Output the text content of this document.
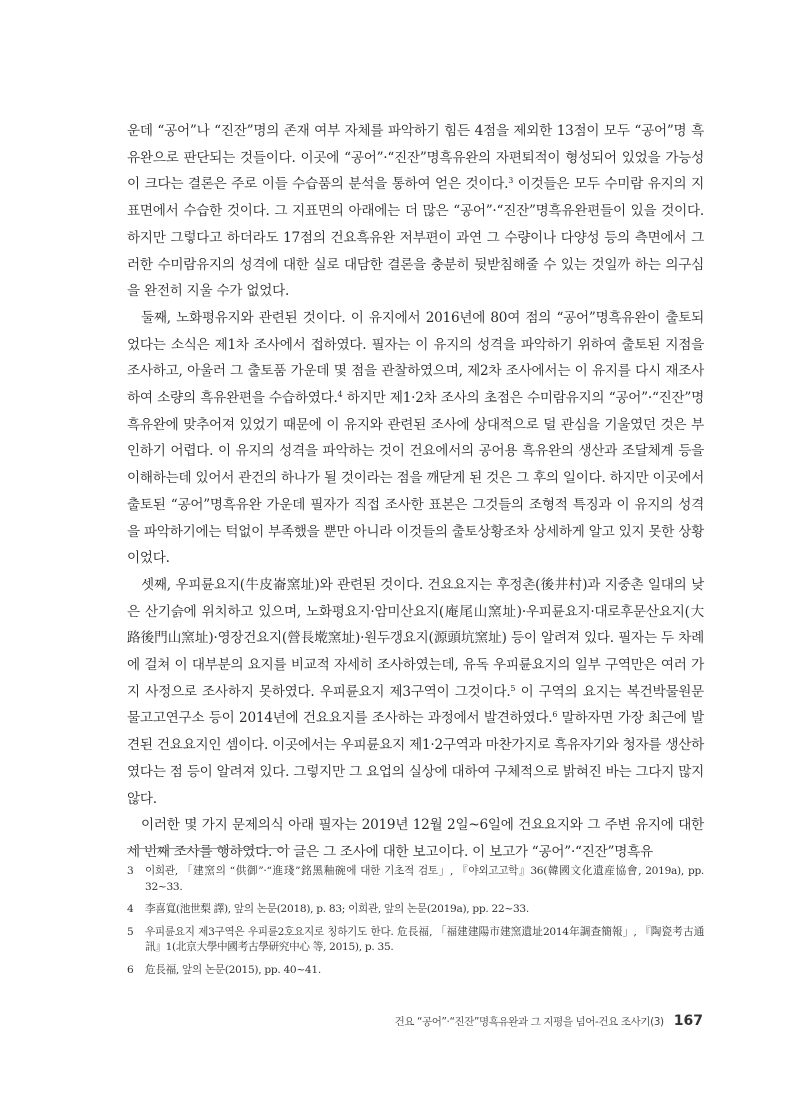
운데 “공어”나 “진잔”명의 존재 여부 자체를 파악하기 힘든 4점을 제외한 13점이 모두 “공어”명 흑유완으로 판단되는 것들이다. 이곳에 “공어”·“진잔”명흑유완의 자편퇴적이 형성되어 있었을 가능성이 크다는 결론은 주로 이들 수습품의 분석을 통하여 얻은 것이다.$^3$ 이것들은 모두 수미람 유지의 지표면에서 수습한 것이다. 그 지표면의 아래에는 더 많은 “공어”·“진잔”명흑유완편들이 있을 것이다. 하지만 그렇다고 하더라도 17점의 건요흑유완 저부편이 과연 그 수량이나 다양성 등의 측면에서 그러한 수미람유지의 성격에 대한 실로 대담한 결론을 충분히 뒷받침해줄 수 있는 것일까 하는 의구심을 완전히 지울 수가 없었다.

둘째, 노화평유지와 관련된 것이다. 이 유지에서 2016년에 80여 점의 “공어”명흑유완이 출토되었다는 소식은 제1차 조사에서 접하였다. 필자는 이 유지의 성격을 파악하기 위하여 출토된 지점을 조사하고, 아울러 그 출토품 가운데 몇 점을 관찰하였으며, 제2차 조사에서는 이 유지를 다시 재조사하여 소량의 흑유완편을 수습하였다.$^4$ 하지만 제1·2차 조사의 초점은 수미람유지의 “공어”·“진잔”명흑유완에 맞추어져 있었기 때문에 이 유지와 관련된 조사에 상대적으로 덜 관심을 기울였던 것은 부인하기 어렵다. 이 유지의 성격을 파악하는 것이 건요에서의 공어용 흑유완의 생산과 조달체계 등을 이해하는데 있어서 관건의 하나가 될 것이라는 점을 깨닫게 된 것은 그 후의 일이다. 하지만 이곳에서 출토된 “공어”명흑유완 가운데 필자가 직접 조사한 표본은 그것들의 조형적 특징과 이 유지의 성격을 파악하기에는 턱없이 부족했을 뿐만 아니라 이것들의 출토상황조차 상세하게 알고 있지 못한 상황이었다.

셋째, 우피륜요지(牛皮崙窯址)와 관련된 것이다. 건요요지는 후정촌(後井村)과 지중촌 일대의 낮은 산기슭에 위치하고 있으며, 노화평요지·암미산요지(庵尾山窯址)·우피륜요지·대로후문산요지(大路後門山窯址)·영장건요지(營長墘窯址)·원두갱요지(源頭坑窯址) 등이 알려져 있다. 필자는 두 차례에 걸쳐 이 대부분의 요지를 비교적 자세히 조사하였는데, 유독 우피륜요지의 일부 구역만은 여러 가지 사정으로 조사하지 못하였다. 우피륜요지 제3구역이 그것이다.$^5$ 이 구역의 요지는 복건박물원문물고고연구소 등이 2014년에 건요요지를 조사하는 과정에서 발견하였다.$^6$ 말하자면 가장 최근에 발견된 건요요지인 셈이다. 이곳에서는 우피륜요지 제1·2구역과 마찬가지로 흑유자기와 청자를 생산하였다는 점 등이 알려져 있다. 그렇지만 그 요업의 실상에 대하여 구체적으로 밝혀진 바는 그다지 많지 않다.

이러한 몇 가지 문제의식 아래 필자는 2019년 12월 2일~6일에 건요요지와 그 주변 유지에 대한 세 번째 조사를 행하였다. 이 글은 그 조사에 대한 보고이다. 이 보고가 “공어”·“진잔”명흑유

3	이희관, 「建窯의 “供御”·“進琖”銘黑釉碗에 대한 기초적 검토」, 『야외고고학』36(韓國文化遺産協會, 2019a), pp. 32~33.
4	李喜寬(池世梨 譯), 앞의 논문(2018), p. 83; 이희관, 앞의 논문(2019a), pp. 22~33.
5	우피륜요지 제3구역은 우피륜2호요지로 칭하기도 한다. 危長福, 「福建建陽市建窯遺址2014年調查簡報」, 『陶瓷考古通訊』1(北京大學中國考古學研究中心 等, 2015), p. 35.
6	危長福, 앞의 논문(2015), pp. 40~41.
건요 “공어”·“진잔”명흑유완과 그 지평을 넘어-건요 조사기(3) 167
